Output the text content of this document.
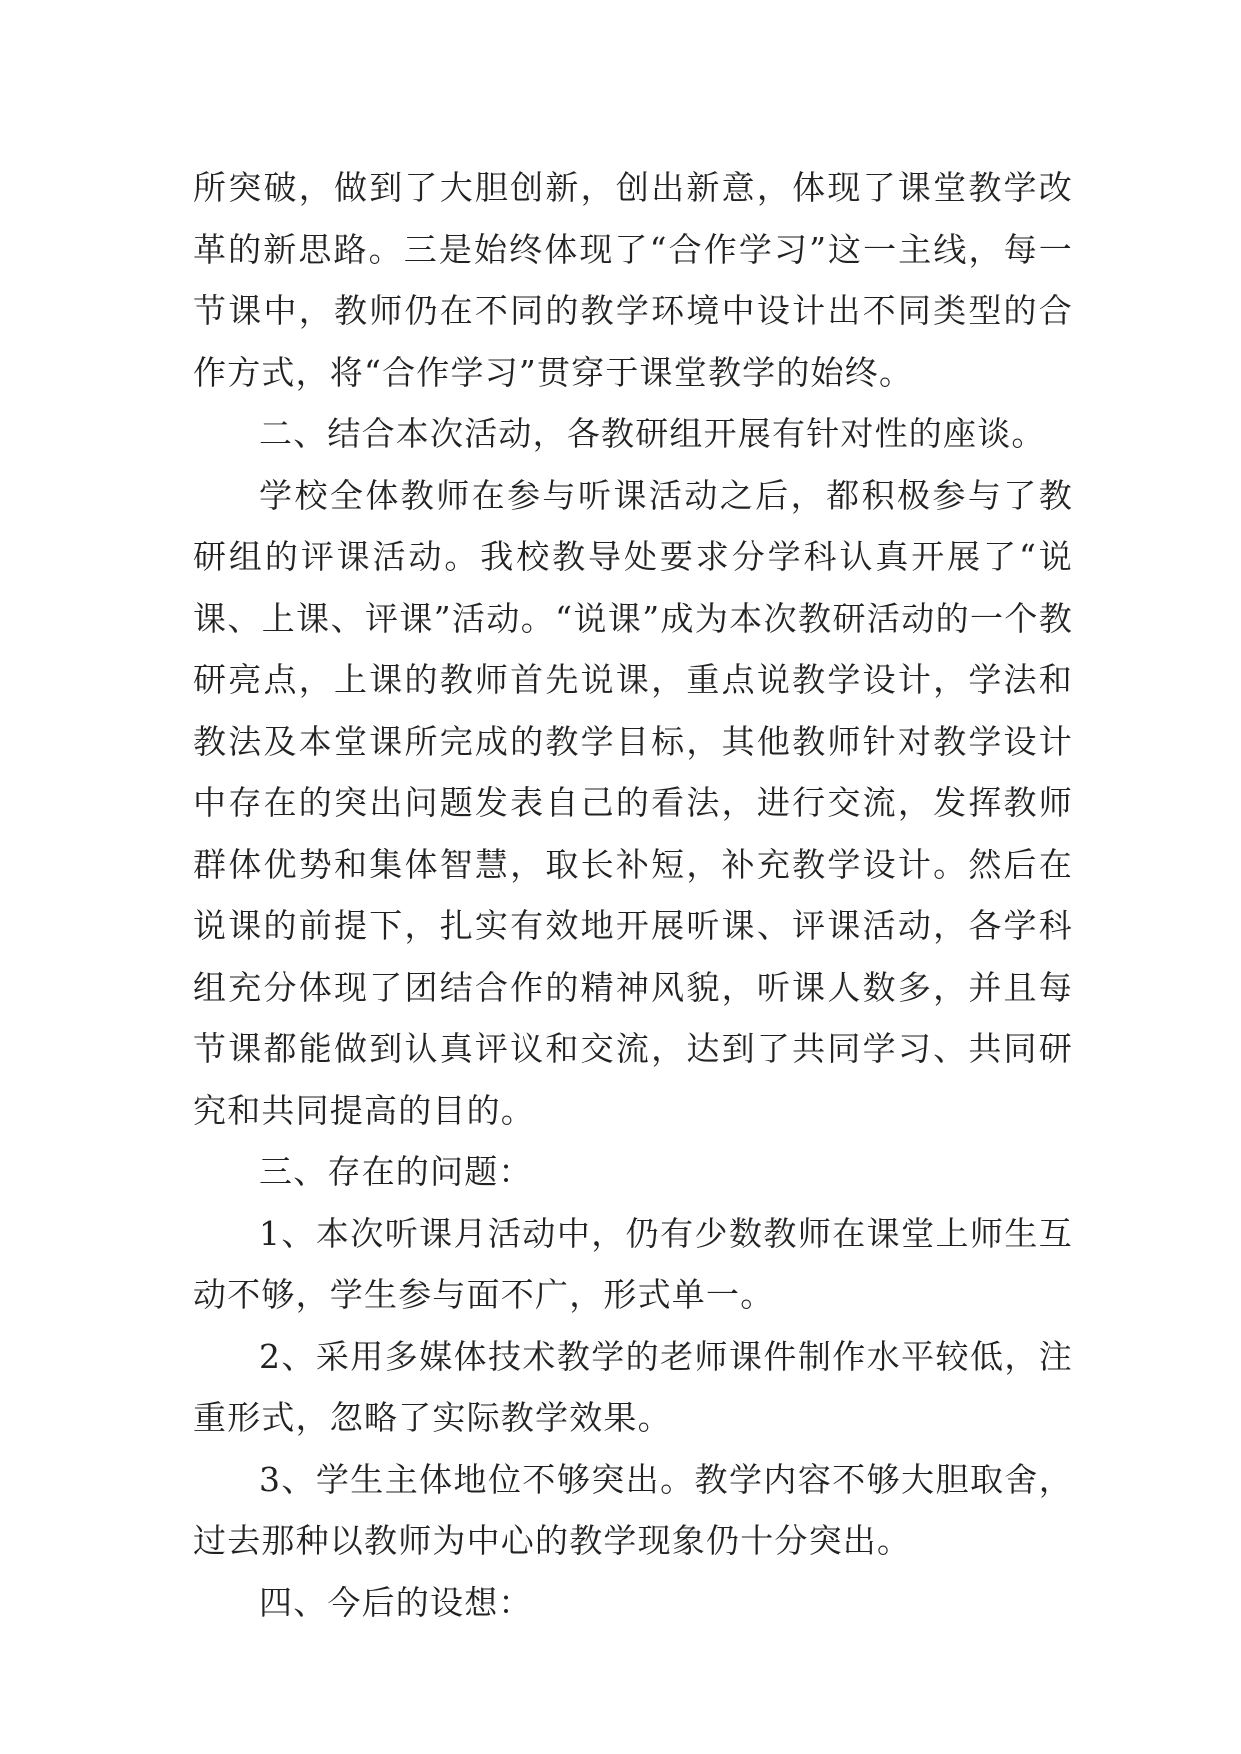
所突破，做到了大胆创新，创出新意，体现了课堂教学改革的新思路。三是始终体现了“合作学习”这一主线，每一节课中，教师仍在不同的教学环境中设计出不同类型的合作方式，将“合作学习”贯穿于课堂教学的始终。

二、结合本次活动，各教研组开展有针对性的座谈。

学校全体教师在参与听课活动之后，都积极参与了教研组的评课活动。我校教导处要求分学科认真开展了“说课、上课、评课”活动。“说课”成为本次教研活动的一个教研亮点，上课的教师首先说课，重点说教学设计，学法和教法及本堂课所完成的教学目标，其他教师针对教学设计中存在的突出问题发表自己的看法，进行交流，发挥教师群体优势和集体智慧，取长补短，补充教学设计。然后在说课的前提下，扎实有效地开展听课、评课活动，各学科组充分体现了团结合作的精神风貌，听课人数多，并且每节课都能做到认真评议和交流，达到了共同学习、共同研究和共同提高的目的。

三、存在的问题：

1、本次听课月活动中，仍有少数教师在课堂上师生互动不够，学生参与面不广，形式单一。

2、采用多媒体技术教学的老师课件制作水平较低，注重形式，忽略了实际教学效果。

3、学生主体地位不够突出。教学内容不够大胆取舍，过去那种以教师为中心的教学现象仍十分突出。

四、今后的设想：
